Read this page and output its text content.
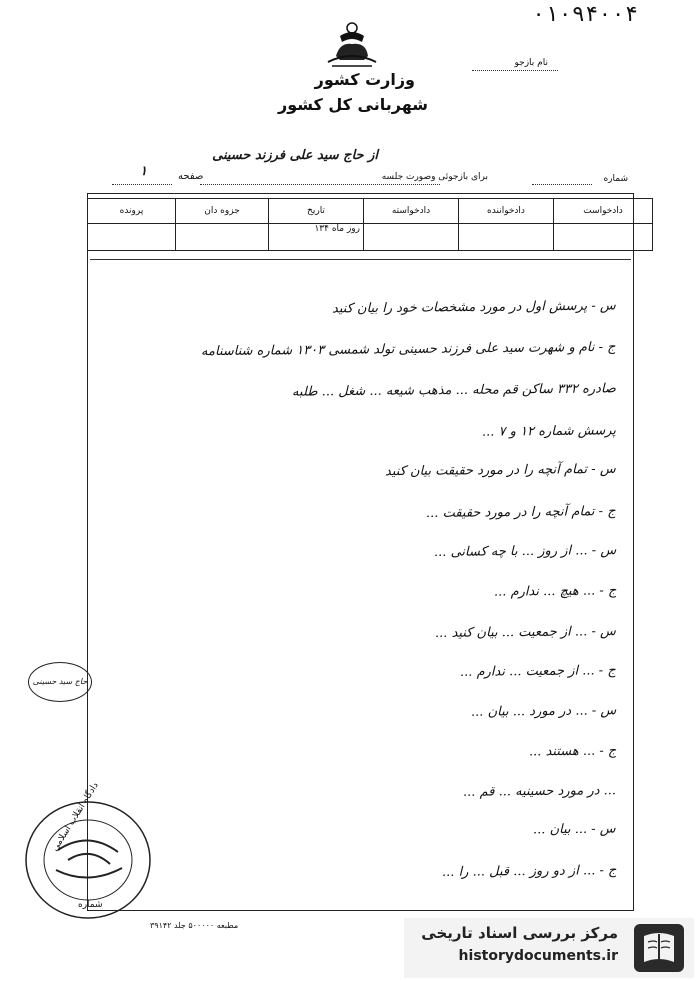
۰۱۰۹۴۰۰۴
وزارت کشور
شهربانی کل کشور
نام بازجو
شماره
برای بازجوئی وصورت جلسه
از حاج سید علی فرزند حسینی
صفحه
۱
دادخواست	دادخواننده	دادخواسته	تاریخ	جزوه دان	پرونده
			روز ماه ۱۳۴		
س - پرسش اول در مورد مشخصات خود را بیان کنید
ج - نام و شهرت سید علی فرزند حسینی تولد شمسی ۱۳۰۳ شماره شناسنامه
صادره ۳۳۲ ساکن قم محله ... مذهب شیعه ... شغل ... طلبه
پرسش شماره ۱۲ و ۷ ...
س - تمام آنچه را در مورد حقیقت بیان کنید
ج - تمام آنچه را در مورد حقیقت ...
س - ... از روز ... با چه کسانی ...
ج - ... هیچ ... ندارم ...
س - ... از جمعیت ... بیان کنید ...
ج - ... از جمعیت ... ندارم ...
س - ... در مورد ... بیان ...
ج - ... هستند ...
... در مورد حسینیه ... قم ...
س - ... بیان ...
ج - ... از دو روز ... قبل ... را ...
حاج سید حسینی
دادگاه انقلاب اسلامی
شماره
مطبعه ۵۰۰۰۰۰ جلد ۳۹۱۴۲	مرکز بررسی اسناد تاریخی
historydocuments.ir
